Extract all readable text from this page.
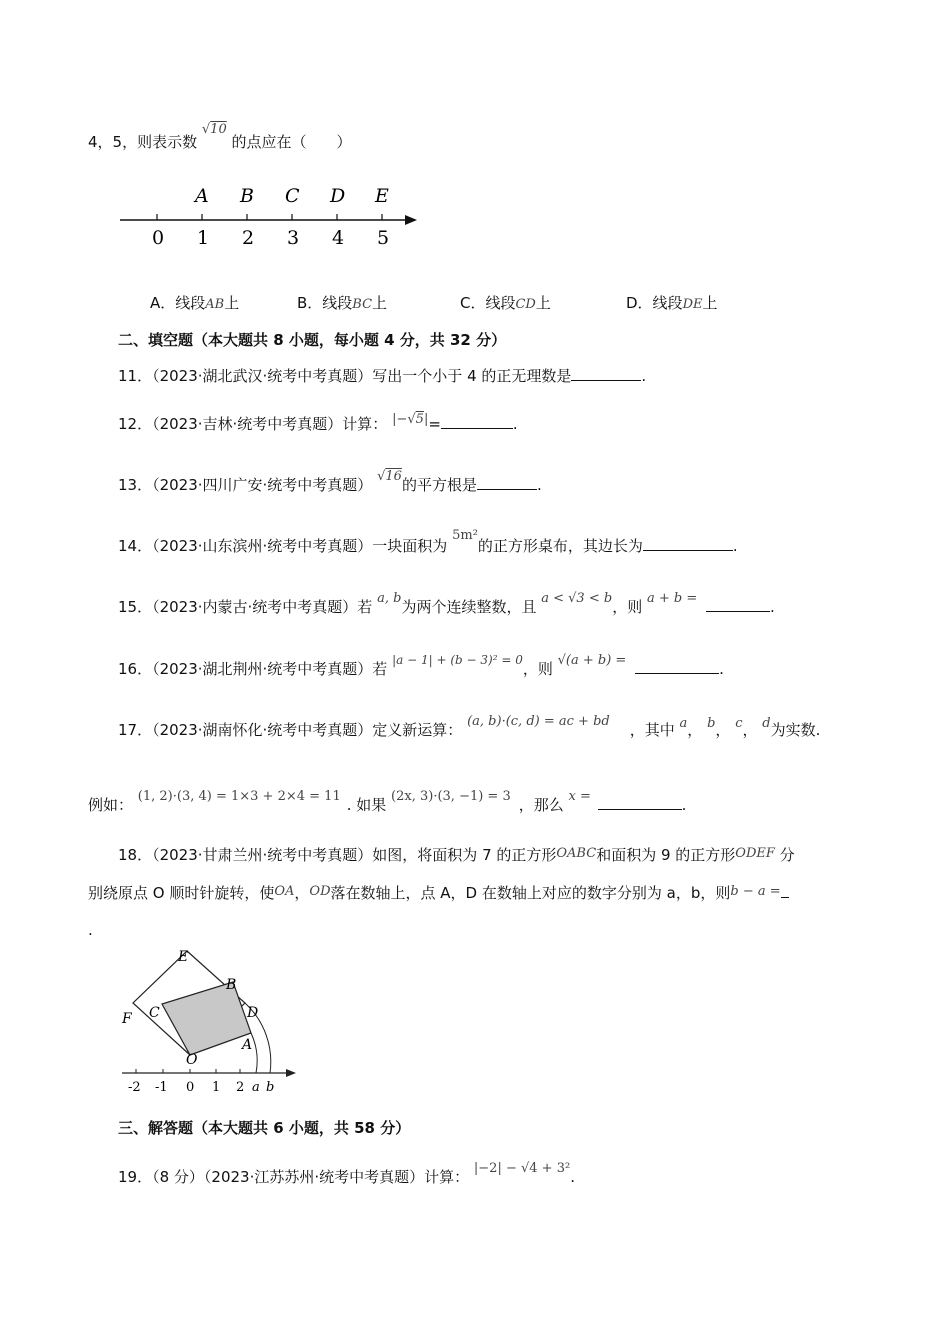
4，5，则表示数 √10 的点应在（　　）
0 1 2 3 4 5
A B C D E
A．线段AB上	B．线段BC上	C．线段CD上	D．线段DE上
二、填空题（本大题共 8 小题，每小题 4 分，共 32 分）
11．（2023·湖北武汉·统考中考真题）写出一个小于 4 的正无理数是	.
12．（2023·吉林·统考中考真题）计算： |−√5|=	.
13．（2023·四川广安·统考中考真题） √16的平方根是	.
14．（2023·山东滨州·统考中考真题）一块面积为 5m²的正方形桌布，其边长为	.
15．（2023·内蒙古·统考中考真题）若 a, b为两个连续整数，且 a < √3 < b，则 a + b =	.
16．（2023·湖北荆州·统考中考真题）若 $^{|a - 1| + (b - 3)^2 = 0}$，则 √(a + b) =	.
17．（2023·湖南怀化·统考中考真题）定义新运算： (a, b)·(c, d) = ac + bd ，其中 a， b， c， d为实数.
例如： (1, 2)·(3, 4) = 1×3 + 2×4 = 11 . 如果 (2x, 3)·(3, −1) = 3 ，那么 x =	.
18．（2023·甘肃兰州·统考中考真题）如图，将面积为 7 的正方形OABC和面积为 9 的正方形ODEF 分
别绕原点 O 顺时针旋转，使OA，OD落在数轴上，点 A，D 在数轴上对应的数字分别为 a，b，则b − a =
.
E
B
C
F	D
O
A
-2 -1 0 1 2 a b
三、解答题（本大题共 6 小题，共 58 分）
19．（8 分）（2023·江苏苏州·统考中考真题）计算： |−2| − √4 + 3².
